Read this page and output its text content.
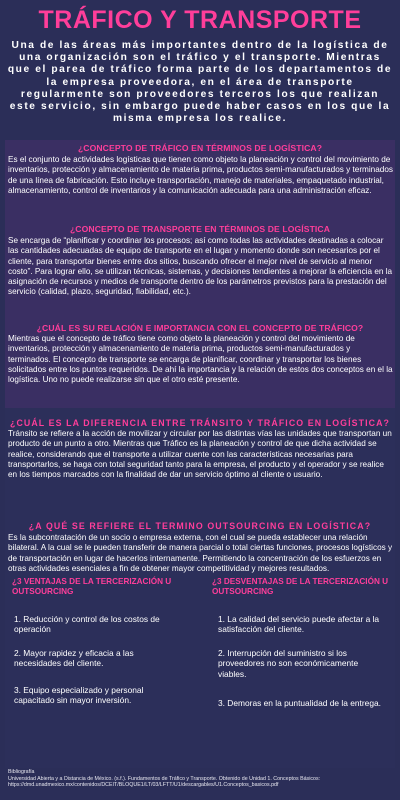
TRÁFICO Y TRANSPORTE
Una de las áreas más importantes dentro de la logística de una organización son el tráfico y el transporte. Mientras que el parea de tráfico forma parte de los departamentos de la empresa proveedora, en el área de transporte regularmente son proveedores terceros los que realizan este servicio, sin embargo puede haber casos en los que la misma empresa los realice.
¿CONCEPTO DE TRÁFICO EN TÉRMINOS DE LOGÍSTICA?
Es el conjunto de actividades logísticas que tienen como objeto la planeación y control del movimiento de inventarios, protección y almacenamiento de materia prima, productos semi-manufacturados y terminados de una línea de fabricación. Esto incluye transportación, manejo de materiales, empaquetado industrial, almacenamiento, control de inventarios y la comunicación adecuada para una administración eficaz.
¿CONCEPTO DE TRANSPORTE EN TÉRMINOS DE LOGÍSTICA
Se encarga de “planificar y coordinar los procesos; así como todas las actividades destinadas a colocar las cantidades adecuadas de equipo de transporte en el lugar y momento donde son necesarios por el cliente, para transportar bienes entre dos sitios, buscando ofrecer el mejor nivel de servicio al menor costo”. Para lograr ello, se utilizan técnicas, sistemas, y decisiones tendientes a mejorar la eficiencia en la asignación de recursos y medios de transporte dentro de los parámetros previstos para la prestación del servicio (calidad, plazo, seguridad, fiabilidad, etc.).
¿CUÁL ES SU RELACIÓN E IMPORTANCIA CON EL CONCEPTO DE TRÁFICO?
Mientras que el concepto de tráfico tiene como objeto la planeación y control del movimiento de inventarios, protección y almacenamiento de materia prima, productos semi-manufacturados y terminados. El concepto de transporte se encarga de planificar, coordinar y transportar los bienes solicitados entre los puntos requeridos. De ahí la importancia y la relación de estos dos conceptos en el la logística. Uno no puede realizarse sin que el otro esté presente.
¿CUÁL ES LA DIFERENCIA ENTRE TRÁNSITO Y TRÁFICO EN LOGÍSTICA?
Tránsito se refiere a la acción de movilizar y circular por las distintas vías las unidades que transportan un producto de un punto a otro. Mientras que Tráfico es la planeación y control de que dicha actividad se realice, considerando que el transporte a utilizar cuente con las características necesarias para transportarlos, se haga con total seguridad tanto para la empresa, el producto y el operador y se realice en los tiempos marcados con la finalidad de dar un servicio óptimo al cliente o usuario.
¿A QUÉ SE REFIERE EL TERMINO OUTSOURCING EN LOGÍSTICA?
Es la subcontratación de un socio o empresa externa, con el cual se pueda establecer una relación bilateral. A la cual se le pueden transferir de manera parcial o total ciertas funciones, procesos logísticos y de transportación en lugar de hacerlos internamente. Permitiendo la concentración de los esfuerzos en otras actividades esenciales a fin de obtener mayor competitividad y mejores resultados.
¿3 VENTAJAS DE LA TERCERIZACIÓN U OUTSOURCING
1. Reducción y control de los costos de operación
2. Mayor rapidez y eficacia a las necesidades del cliente.
3. Equipo especializado y personal capacitado sin mayor inversión.
¿3 DESVENTAJAS DE LA TERCERIZACIÓN U OUTSOURCING
1. La calidad del servicio puede afectar a la satisfacción del cliente.
2. Interrupción del suministro si los proveedores no son económicamente viables.
3. Demoras en la puntualidad de la entrega.
Bibliografía
Universidad Abierta y a Distancia de México. (s.f.). Fundamentos de Tráfico y Transporte. Obtenido de Unidad 1. Conceptos Básicos: https://dmd.unadmexico.mx/contenidos/DCEIT/BLOQUE1/LT/03/LFTT/U1/descargables/U1.Conceptos_basicos.pdf
